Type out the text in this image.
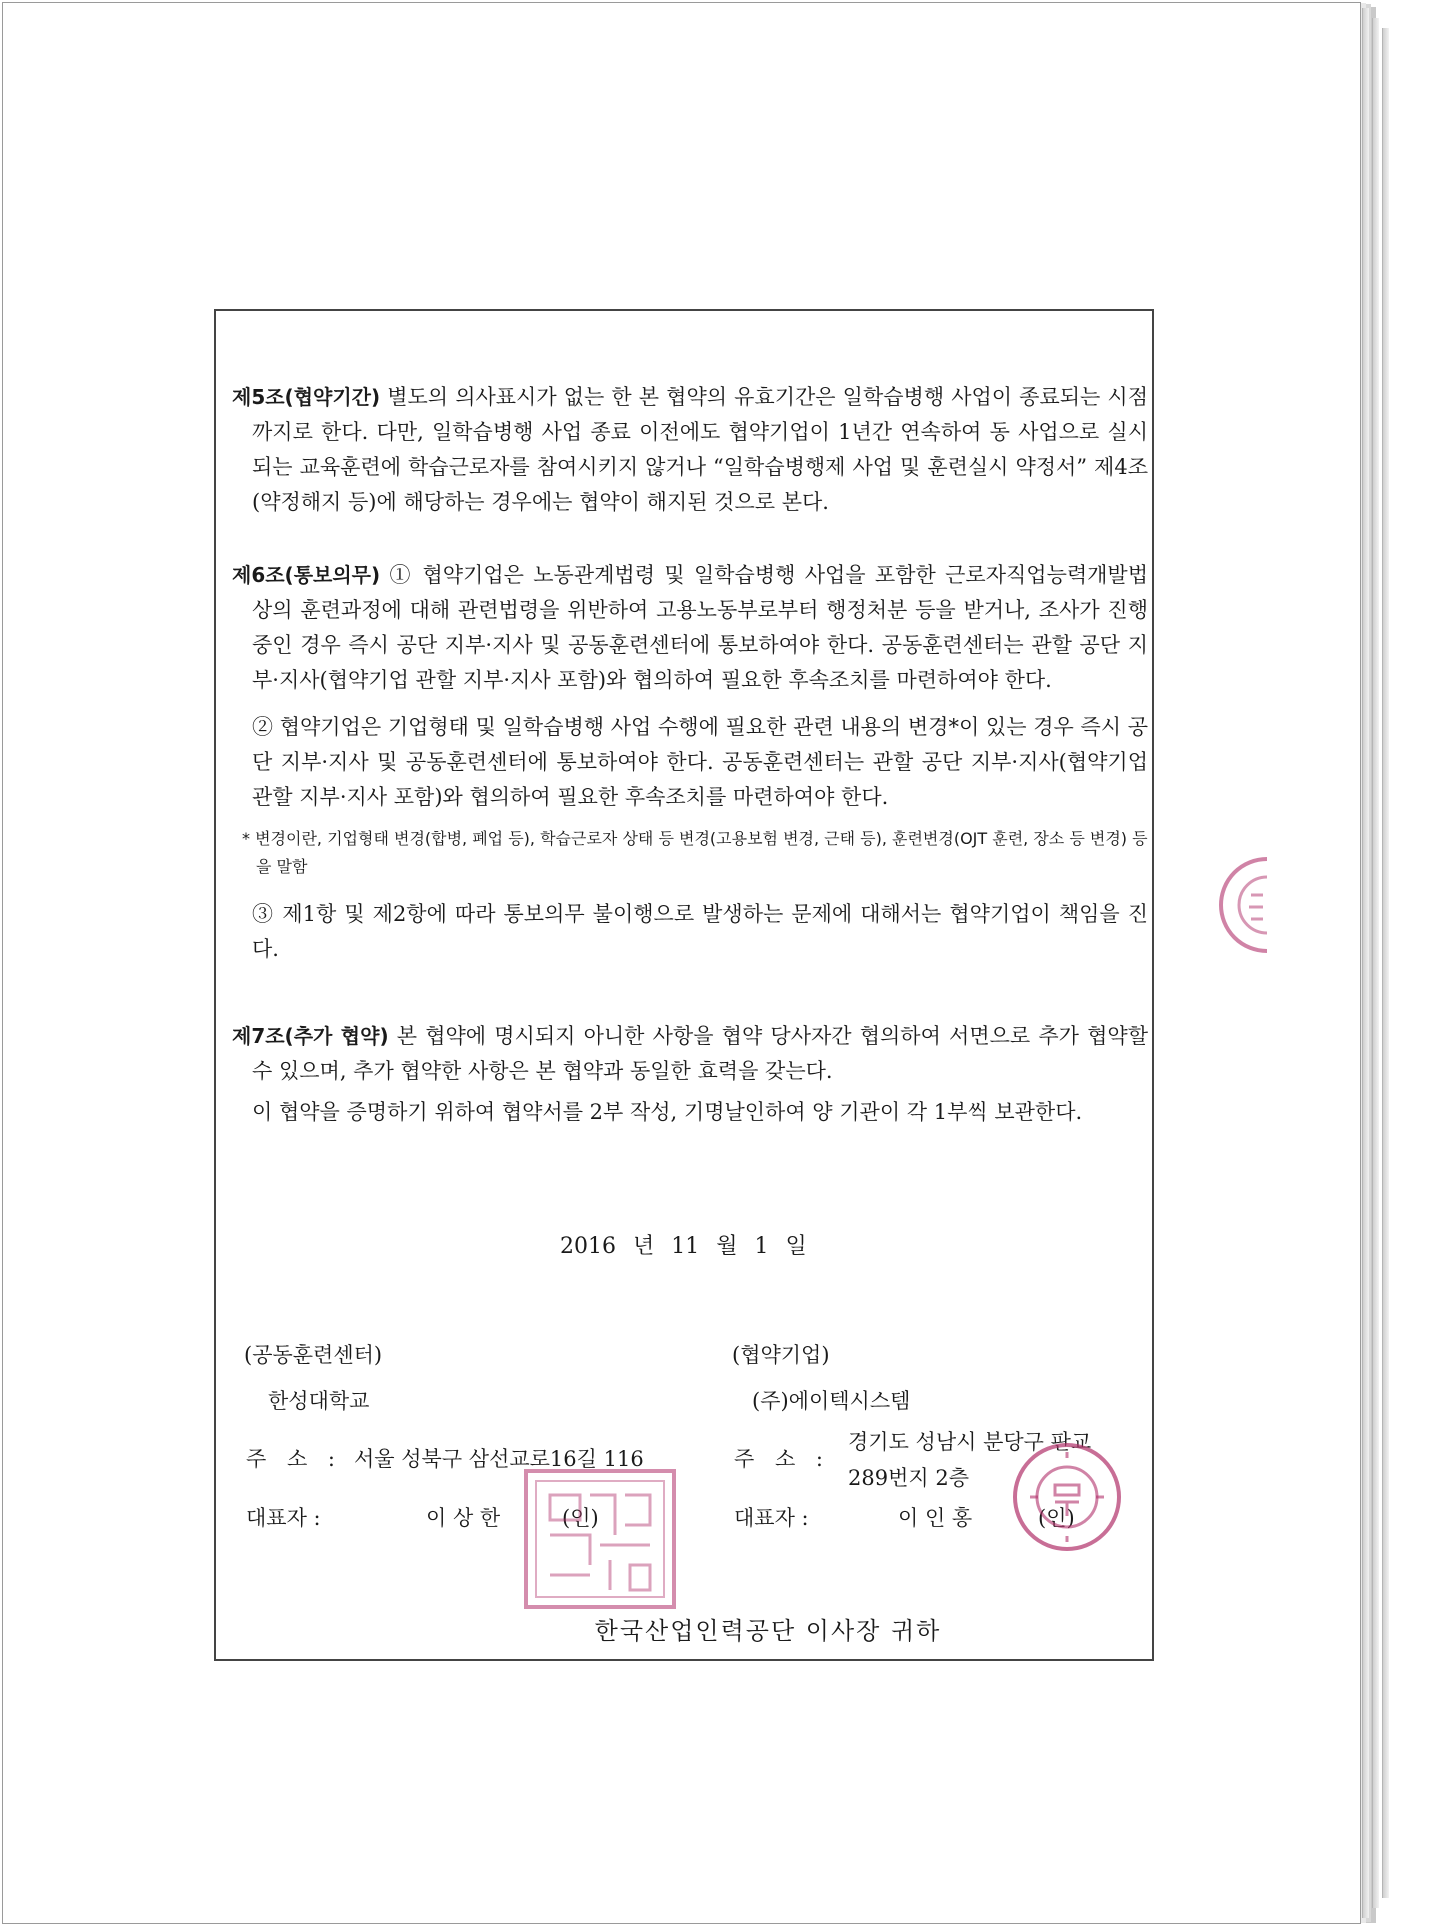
제5조(협약기간) 별도의 의사표시가 없는 한 본 협약의 유효기간은 일학습병행 사업이 종료되는 시점까지로 한다. 다만, 일학습병행 사업 종료 이전에도 협약기업이 1년간 연속하여 동 사업으로 실시되는 교육훈련에 학습근로자를 참여시키지 않거나 “일학습병행제 사업 및 훈련실시 약정서” 제4조(약정해지 등)에 해당하는 경우에는 협약이 해지된 것으로 본다.

제6조(통보의무) ① 협약기업은 노동관계법령 및 일학습병행 사업을 포함한 근로자직업능력개발법 상의 훈련과정에 대해 관련법령을 위반하여 고용노동부로부터 행정처분 등을 받거나, 조사가 진행 중인 경우 즉시 공단 지부·지사 및 공동훈련센터에 통보하여야 한다. 공동훈련센터는 관할 공단 지부·지사(협약기업 관할 지부·지사 포함)와 협의하여 필요한 후속조치를 마련하여야 한다.

② 협약기업은 기업형태 및 일학습병행 사업 수행에 필요한 관련 내용의 변경*이 있는 경우 즉시 공단 지부·지사 및 공동훈련센터에 통보하여야 한다. 공동훈련센터는 관할 공단 지부·지사(협약기업 관할 지부·지사 포함)와 협의하여 필요한 후속조치를 마련하여야 한다.

* 변경이란, 기업형태 변경(합병, 폐업 등), 학습근로자 상태 등 변경(고용보험 변경, 근태 등), 훈련변경(OJT 훈련, 장소 등 변경) 등을 말함

③ 제1항 및 제2항에 따라 통보의무 불이행으로 발생하는 문제에 대해서는 협약기업이 책임을 진다.

제7조(추가 협약) 본 협약에 명시되지 아니한 사항을 협약 당사자간 협의하여 서면으로 추가 협약할 수 있으며, 추가 협약한 사항은 본 협약과 동일한 효력을 갖는다.

이 협약을 증명하기 위하여 협약서를 2부 작성, 기명날인하여 양 기관이 각 1부씩 보관한다.

2016 년 11 월 1 일
(공동훈련센터)
한성대학교
주 소 : 서울 성북구 삼선교로16길 116
대표자 :	이 상 한	(인)
(협약기업)
(주)에이텍시스템
주 소 :
경기도 성남시 분당구 판교
289번지 2층
대표자 :	이 인 홍	(인)
한국산업인력공단 이사장 귀하
